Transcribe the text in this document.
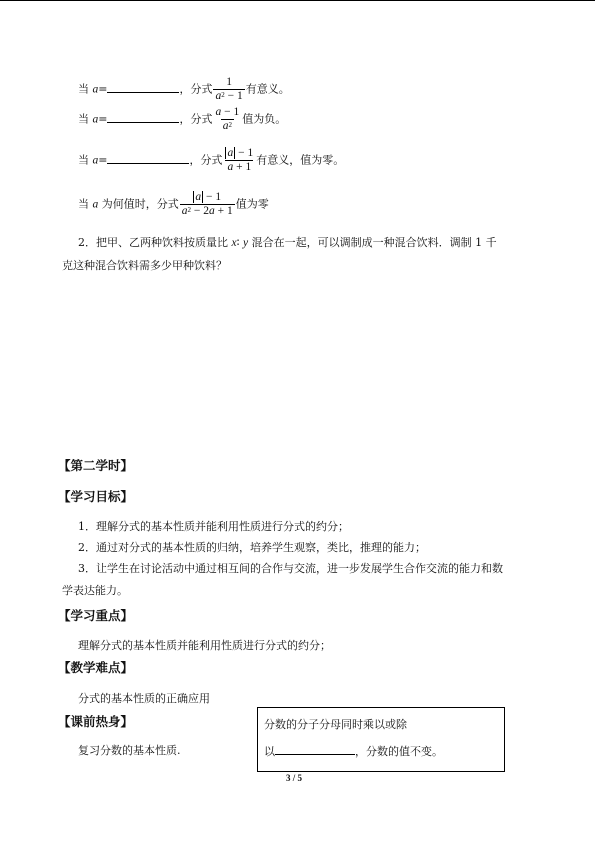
当 a=	，分式 $\frac{1}{a^2 - 1}$ 有意义。
当 a=	，分式 $\frac{a - 1}{a^2}$ 值为负。
当 a=	，分式 $\frac{a - 1}{a + 1}$ 有意义，值为零。
当 a 为何值时，分式 $\frac{a - 1}{a^2 - 2a + 1}$ 值为零
2．把甲、乙两种饮料按质量比 x∶ y 混合在一起，可以调制成一种混合饮料．调制 1 千
克这种混合饮料需多少甲种饮料？
【第二学时】
【学习目标】
1．理解分式的基本性质并能利用性质进行分式的约分；
2．通过对分式的基本性质的归纳，培养学生观察，类比，推理的能力；
3．让学生在讨论活动中通过相互间的合作与交流，进一步发展学生合作交流的能力和数
学表达能力。
【学习重点】
理解分式的基本性质并能利用性质进行分式的约分；
【教学难点】
分式的基本性质的正确应用
【课前热身】
复习分数的基本性质.
分数的分子分母同时乘以或除
以	，分数的值不变。
3 / 5
